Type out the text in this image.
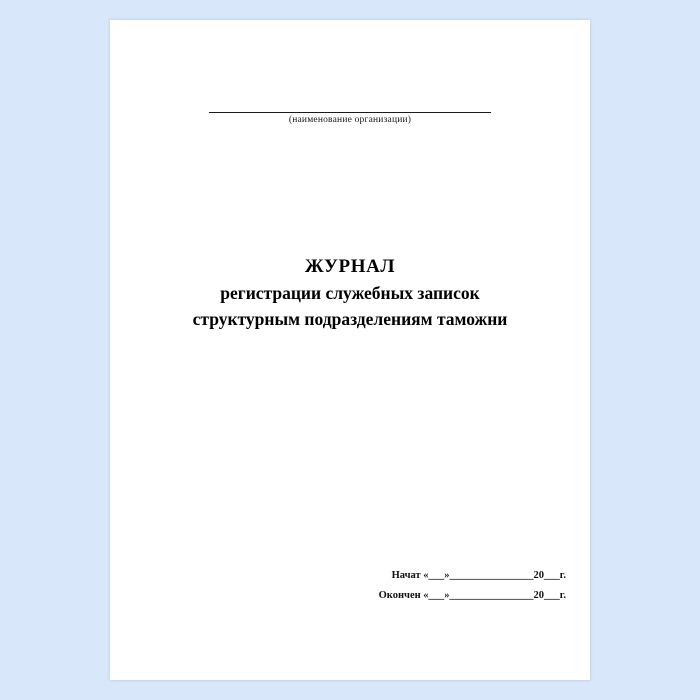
(наименование организации)
ЖУРНАЛ
регистрации служебных записок
структурным подразделениям таможни
Начат «___»________________20___г.
Окончен «___»________________20___г.
